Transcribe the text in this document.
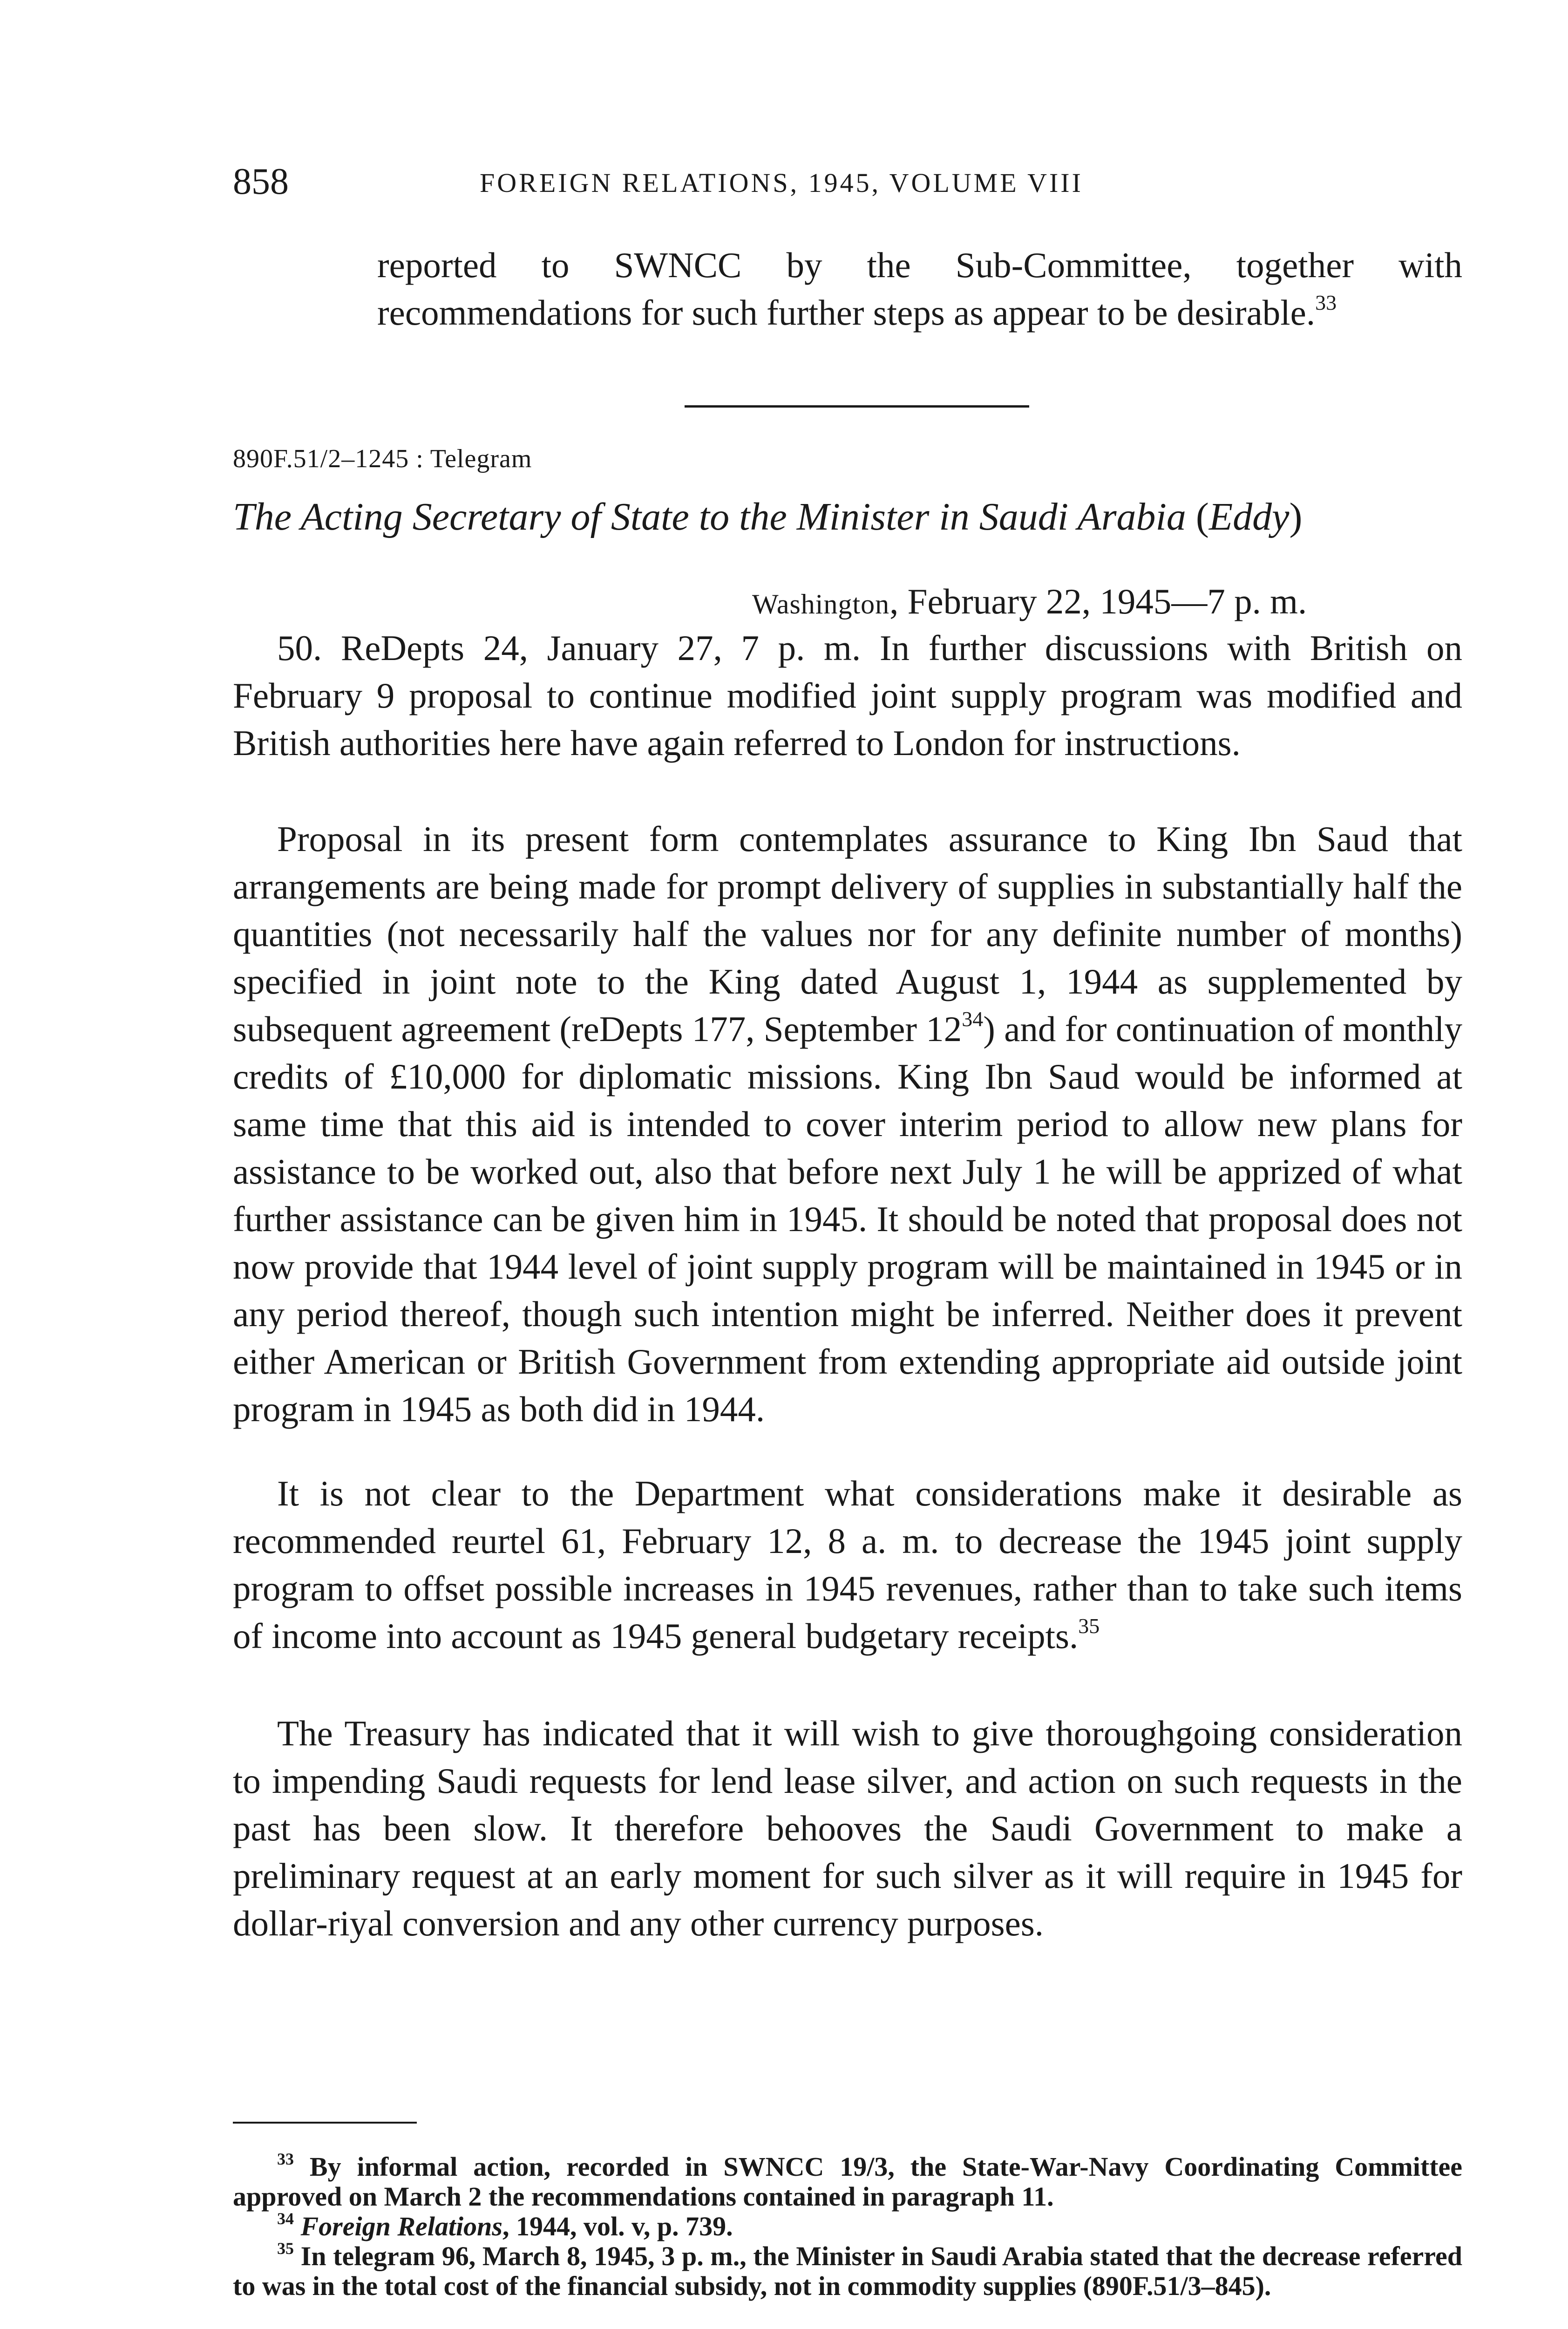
858	FOREIGN RELATIONS, 1945, VOLUME VIII

reported to SWNCC by the Sub-Committee, together with recommendations for such further steps as appear to be desirable.$^{33}$

890F.51/2–1245 : Telegram
The Acting Secretary of State to the Minister in Saudi Arabia (Eddy)
Washington, February 22, 1945—7 p. m.

50. ReDepts 24, January 27, 7 p. m. In further discussions with British on February 9 proposal to continue modified joint supply program was modified and British authorities here have again referred to London for instructions.

Proposal in its present form contemplates assurance to King Ibn Saud that arrangements are being made for prompt delivery of supplies in substantially half the quantities (not necessarily half the values nor for any definite number of months) specified in joint note to the King dated August 1, 1944 as supplemented by subsequent agreement (reDepts 177, September $12^{34}$) and for continuation of monthly credits of £10,000 for diplomatic missions. King Ibn Saud would be informed at same time that this aid is intended to cover interim period to allow new plans for assistance to be worked out, also that before next July 1 he will be apprized of what further assistance can be given him in 1945. It should be noted that proposal does not now provide that 1944 level of joint supply program will be maintained in 1945 or in any period thereof, though such intention might be inferred. Neither does it prevent either American or British Government from extending appropriate aid outside joint program in 1945 as both did in 1944.

It is not clear to the Department what considerations make it desirable as recommended reurtel 61, February 12, 8 a. m. to decrease the 1945 joint supply program to offset possible increases in 1945 revenues, rather than to take such items of income into account as 1945 general budgetary receipts.$^{35}$

The Treasury has indicated that it will wish to give thoroughgoing consideration to impending Saudi requests for lend lease silver, and action on such requests in the past has been slow. It therefore behooves the Saudi Government to make a preliminary request at an early moment for such silver as it will require in 1945 for dollar-riyal conversion and any other currency purposes.

$^{33}$ By informal action, recorded in SWNCC 19/3, the State-War-Navy Coordinating Committee approved on March 2 the recommendations contained in paragraph 11.

$^{34}$ Foreign Relations, 1944, vol. v, p. 739.

$^{35}$ In telegram 96, March 8, 1945, 3 p. m., the Minister in Saudi Arabia stated that the decrease referred to was in the total cost of the financial subsidy, not in commodity supplies (890F.51/3–845).
